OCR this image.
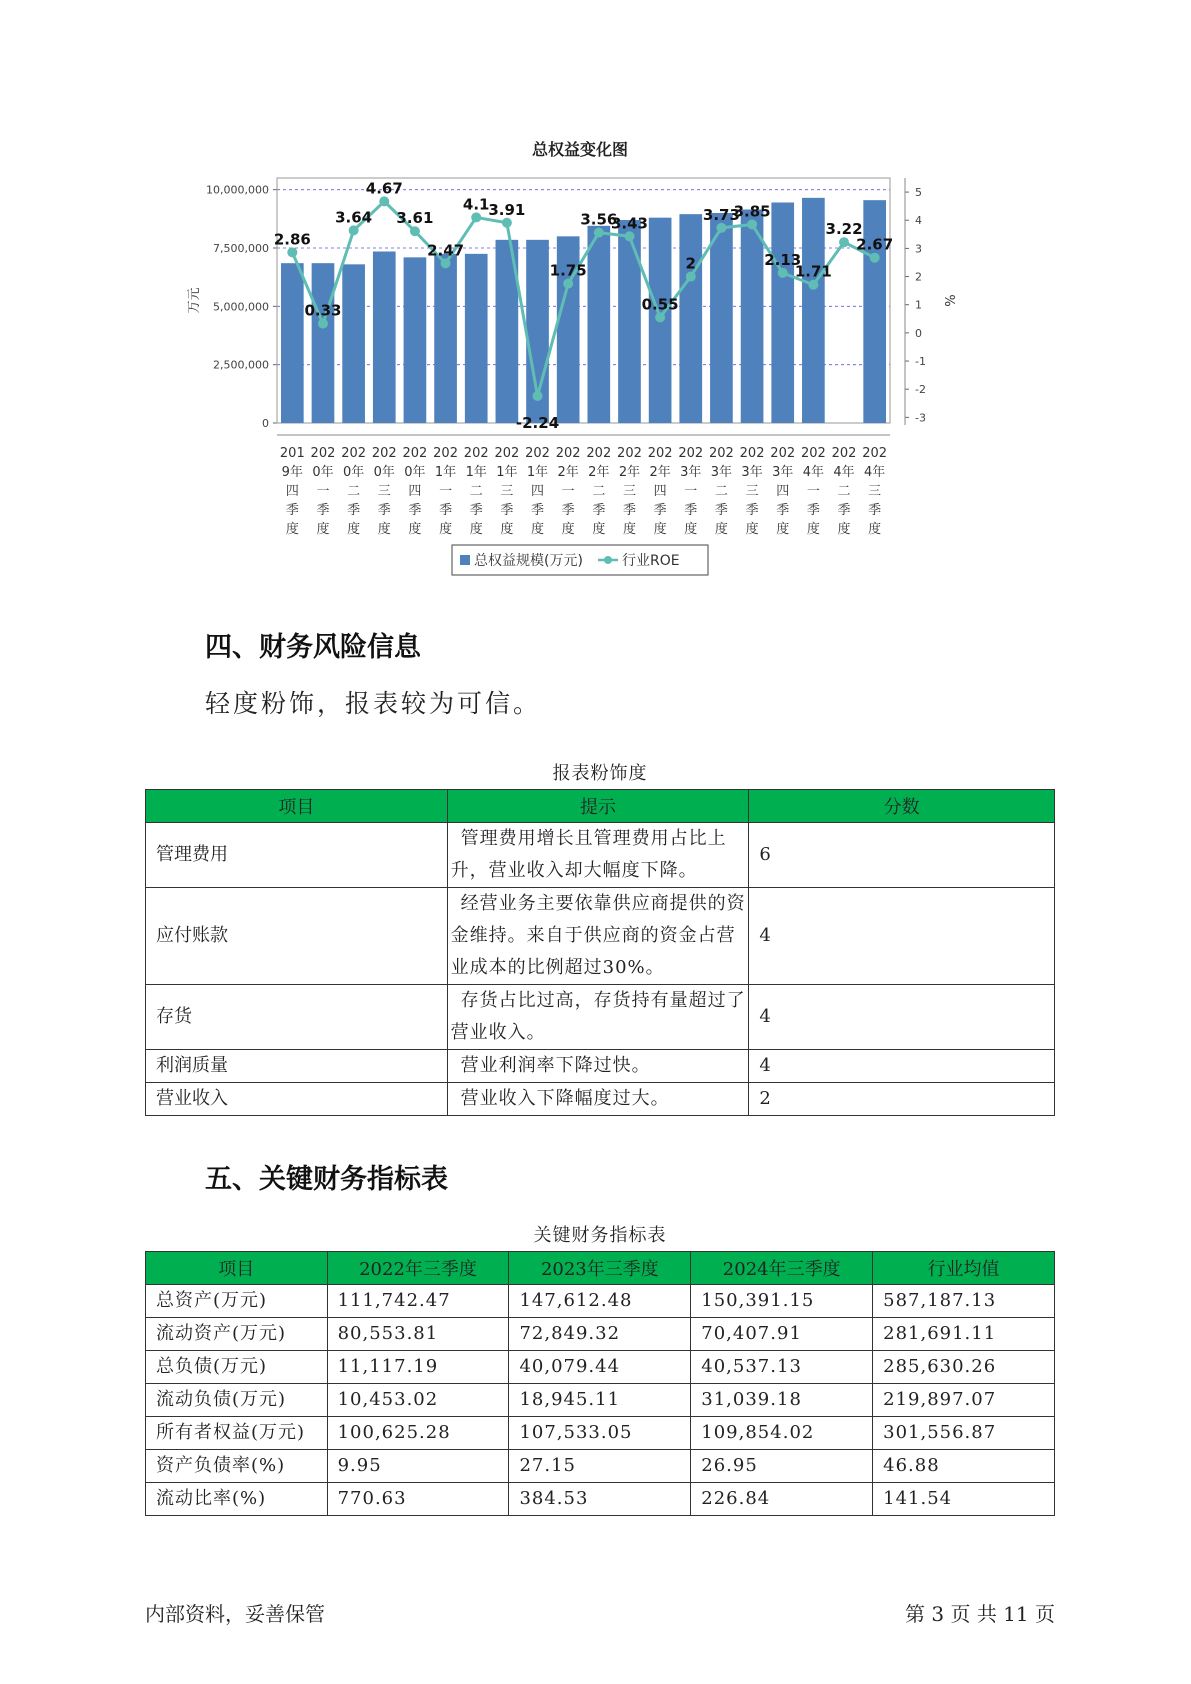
总权益变化图
0
2,500,000
5,000,000
7,500,000
10,000,000
-3
-2
-1
0
1
2
3
4
5
万元	%
2.86
0.33
3.64
4.67
3.61
2.47
4.1
3.91
-2.24
1.75
3.56
3.43
0.55
2
3.73
3.85
2.13
1.71
3.22
2.67
201
9年
四
季
度
202
0年
一
季
度
202
0年
二
季
度
202
0年
三
季
度
202
0年
四
季
度
202
1年
一
季
度
202
1年
二
季
度
202
1年
三
季
度
202
1年
四
季
度
202
2年
一
季
度
202
2年
二
季
度
202
2年
三
季
度
202
2年
四
季
度
202
3年
一
季
度
202
3年
二
季
度
202
3年
三
季
度
202
3年
四
季
度
202
4年
一
季
度
202
4年
二
季
度
202
4年
三
季
度
总权益规模(万元)	行业ROE
四、财务风险信息

轻度粉饰，报表较为可信。

报表粉饰度
项目	提示	分数
管理费用	管理费用增长且管理费用占比上升，营业收入却大幅度下降。	6
应付账款	经营业务主要依靠供应商提供的资金维持。来自于供应商的资金占营业成本的比例超过30%。	4
存货	存货占比过高，存货持有量超过了营业收入。	4
利润质量	营业利润率下降过快。	4
营业收入	营业收入下降幅度过大。	2
五、关键财务指标表
关键财务指标表
项目	2022年三季度	2023年三季度	2024年三季度	行业均值
总资产(万元)	111,742.47	147,612.48	150,391.15	587,187.13
流动资产(万元)	80,553.81	72,849.32	70,407.91	281,691.11
总负债(万元)	11,117.19	40,079.44	40,537.13	285,630.26
流动负债(万元)	10,453.02	18,945.11	31,039.18	219,897.07
所有者权益(万元)	100,625.28	107,533.05	109,854.02	301,556.87
资产负债率(%)	9.95	27.15	26.95	46.88
流动比率(%)	770.63	384.53	226.84	141.54
内部资料，妥善保管	第 3 页 共 11 页
